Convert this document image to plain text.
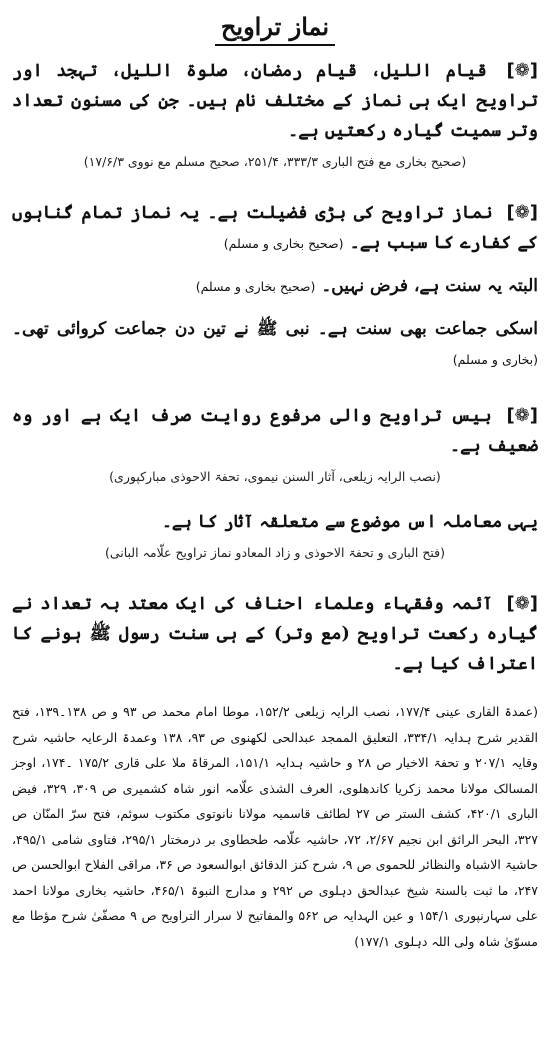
نماز تراویح
[❁] قیام اللیل، قیام رمضان، صلوۃ اللیل، تہجد اور تراویح ایک ہی نماز کے مختلف نام ہیں۔ جن کی مسنون تعداد وتر سمیت گیارہ رکعتیں ہے۔
(صحیح بخاری مع فتح الباری ۳۳۳/۳، ۲۵۱/۴، صحیح مسلم مع نووی ۱۷/۶/۳)
[❁] نماز تراویح کی بڑی فضیلت ہے۔ یہ نماز تمام گناہوں کے کفارے کا سبب ہے۔ (صحیح بخاری و مسلم)
البتہ یہ سنت ہے، فرض نہیں۔ (صحیح بخاری و مسلم)
اسکی جماعت بھی سنت ہے۔ نبی ﷺ نے تین دن جماعت کروائی تھی۔ (بخاری و مسلم)
[❁] بیس تراویح والی مرفوع روایت صرف ایک ہے اور وہ ضعیف ہے۔
(نصب الرایہ زیلعی، آثار السنن نیموی، تحفۃ الاحوذی مبارکپوری)
یہی معاملہ اس موضوع سے متعلقہ آثار کا ہے۔
(فتح الباری و تحفۃ الاحوذی و زاد المعادو نماز تراویح علّامہ البانی)
[❁] آئمہ وفقہاء وعلماء احناف کی ایک معتد بہ تعداد نے گیارہ رکعت تراویح (مع وتر) کے ہی سنت رسول ﷺ ہونے کا اعتراف کیا ہے۔
(عمدۃ القاری عینی ۱۷۷/۴، نصب الرایہ زیلعی ۱۵۲/۲، موطا امام محمد ص ۹۳ و ص ۱۳۸۔۱۳۹، فتح القدیر شرح ہدایہ ۳۳۴/۱، التعلیق الممجد عبدالحی لکھنوی ص ۹۳، ۱۳۸ وعمدۃ الرعایہ حاشیہ شرح وقایہ ۲۰۷/۱ و تحفۃ الاخیار ص ۲۸ و حاشیہ ہدایہ ۱۵۱/۱، المرقاۃ ملا علی قاری ۱۷۵/۲ ۔۱۷۴، اوجز المسالک مولانا محمد زکریا کاندھلوی، العرف الشذی علّامہ انور شاہ کشمیری ص ۳۰۹، ۳۲۹، فیض الباری ۴۲۰/۱، کشف الستر ص ۲۷ لطائف قاسمیہ مولانا نانوتوی مکتوب سوئم، فتح سرّ المنّان ص ۳۲۷، البحر الرائق ابن نجیم ۲/۶۷، ۷۲، حاشیہ علّامہ طحطاوی بر درمختار ۲۹۵/۱، فتاوی شامی ۴۹۵/۱، حاشیۃ الاشباہ والنظائر للحموی ص ۹، شرح کنز الدقائق ابوالسعود ص ۳۶، مراقی الفلاح ابوالحسن ص ۲۴۷، ما ثبت بالسنۃ شیخ عبدالحق دہلوی ص ۲۹۲ و مدارج النبوۃ ۴۶۵/۱، حاشیہ بخاری مولانا احمد علی سہارنپوری ۱۵۴/۱ و عین الہدایہ ص ۵۶۲ والمفاتیح لا سرار التراویح ص ۹ مصفّیٰ شرح مؤطا مع مسوّیٰ شاہ ولی اللہ دہلوی ۱۷۷/۱)
